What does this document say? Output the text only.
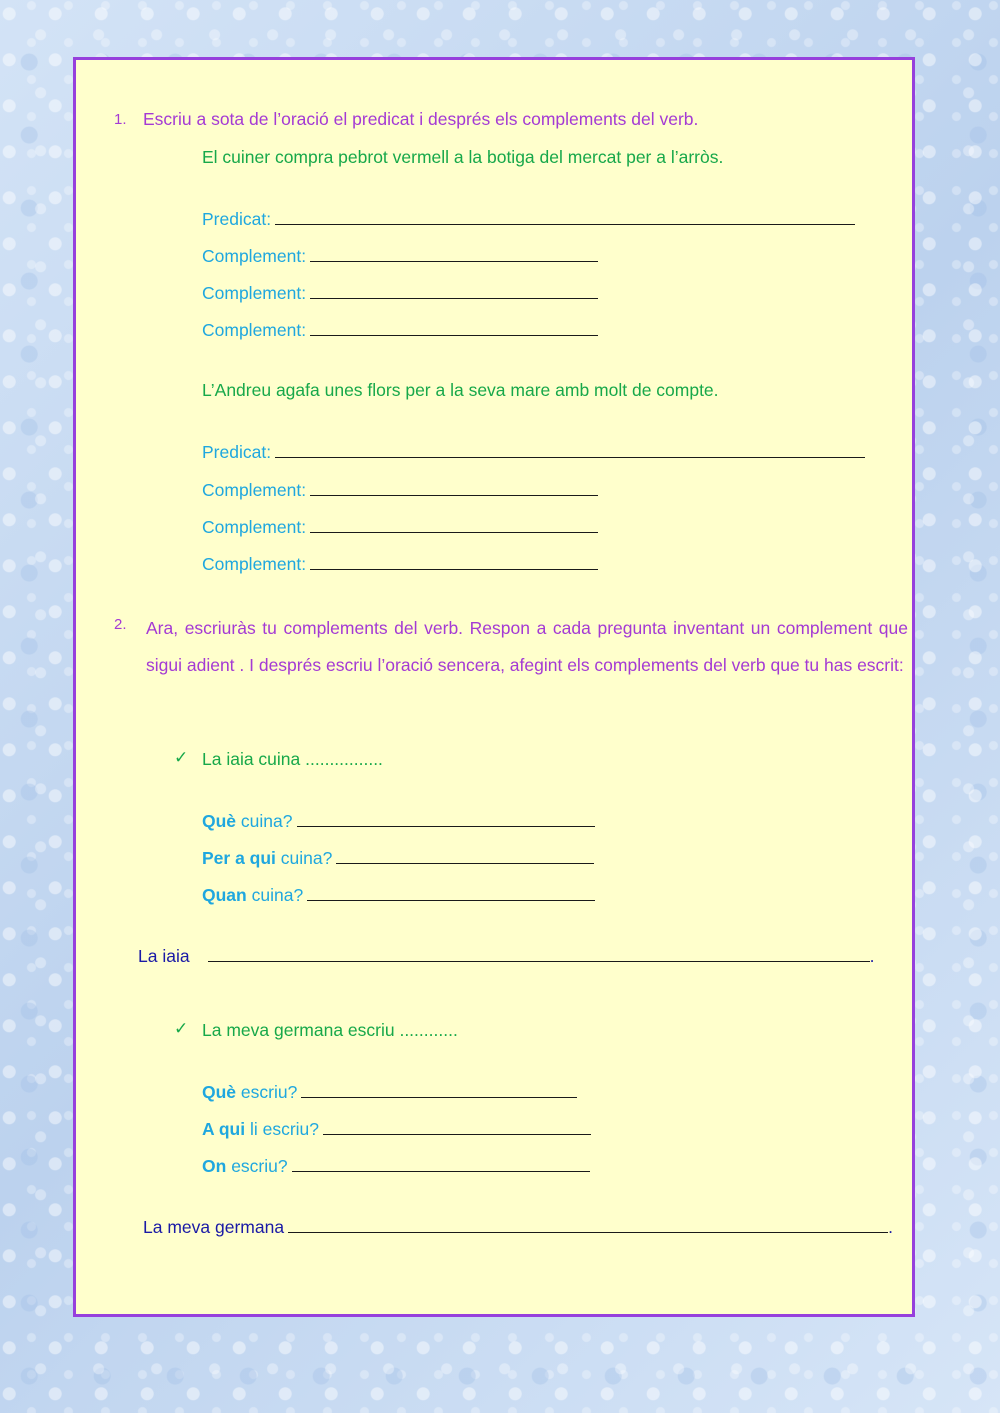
1. Escriu a sota de l’oració el predicat i després els complements del verb.
El cuiner compra pebrot vermell a la botiga del mercat per a l’arròs.
Predicat:
Complement:
Complement:
Complement:
L’Andreu agafa unes flors per a la seva mare amb molt de compte.
Predicat:
Complement:
Complement:
Complement:
2. Ara, escriuràs tu complements del verb. Respon a cada pregunta inventant un complement que sigui adient . I després escriu l’oració sencera, afegint els complements del verb que tu has escrit:
✓ La iaia cuina ................
Què cuina?
Per a qui cuina?
Quan cuina?
La iaia	.
✓ La meva germana escriu ............
Què escriu?
A qui li escriu?
On escriu?
La meva germana	.
